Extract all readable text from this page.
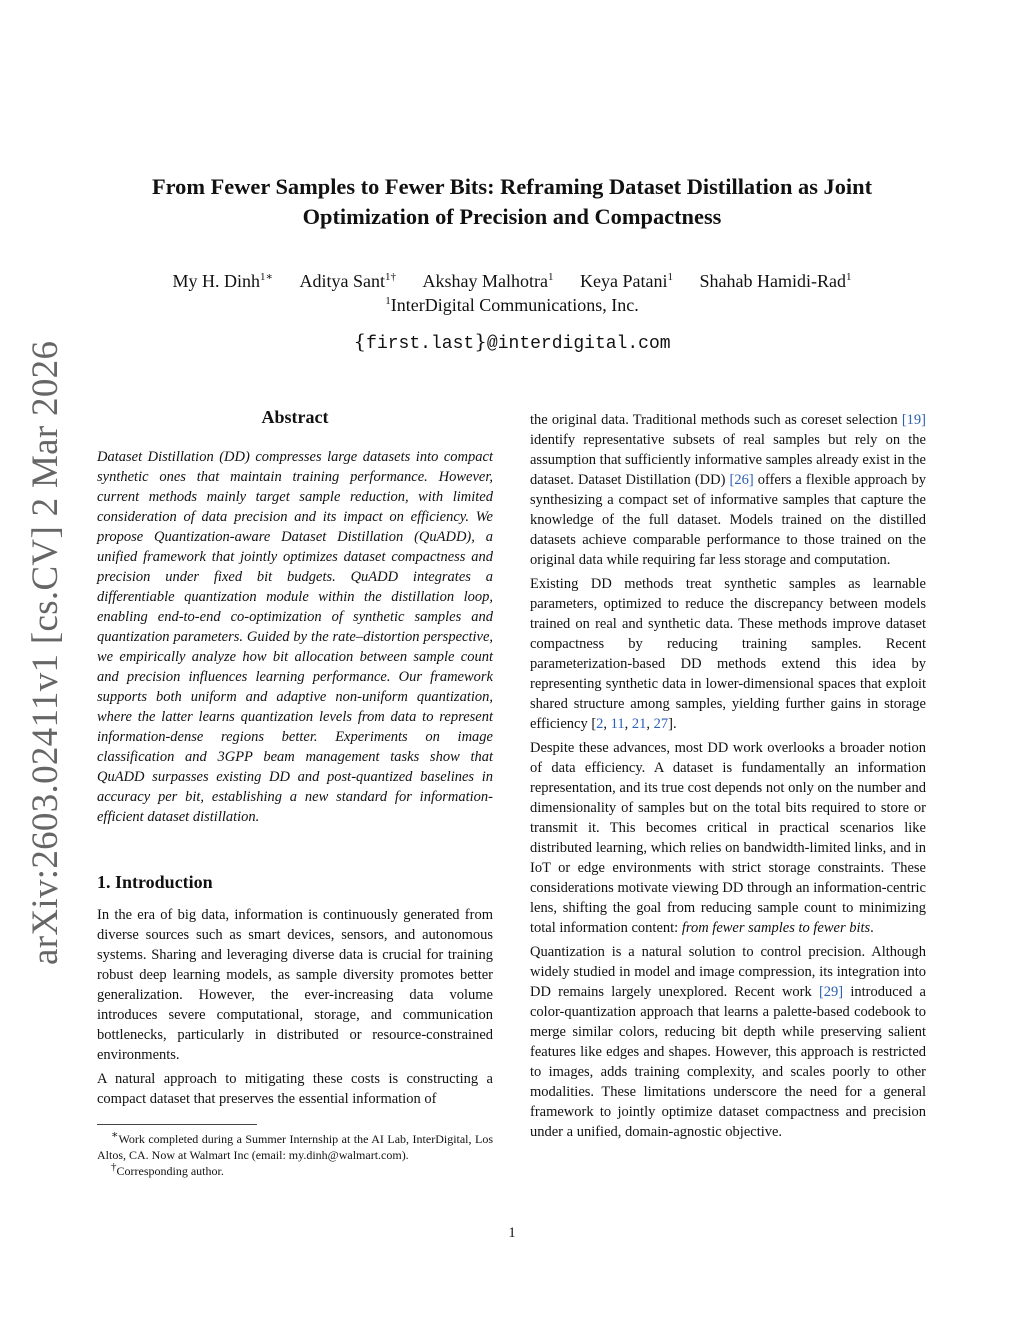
arXiv:2603.02411v1 [cs.CV] 2 Mar 2026
From Fewer Samples to Fewer Bits: Reframing Dataset Distillation as Joint
Optimization of Precision and Compactness
My H. Dinh$^{1∗}$ Aditya Sant$^{1\dagger}$ Akshay Malhotra$^1$ Keya Patani$^1$ Shahab Hamidi-Rad$^1$
$^1$InterDigital Communications, Inc.
{first.last}@interdigital.com
Abstract

Dataset Distillation (DD) compresses large datasets into compact synthetic ones that maintain training performance. However, current methods mainly target sample reduction, with limited consideration of data precision and its impact on efficiency. We propose Quantization-aware Dataset Distillation (QuADD), a unified framework that jointly optimizes dataset compactness and precision under fixed bit budgets. QuADD integrates a differentiable quantization module within the distillation loop, enabling end-to-end co-optimization of synthetic samples and quantization parameters. Guided by the rate–distortion perspective, we empirically analyze how bit allocation between sample count and precision influences learning performance. Our framework supports both uniform and adaptive non-uniform quantization, where the latter learns quantization levels from data to represent information-dense regions better. Experiments on image classification and 3GPP beam management tasks show that QuADD surpasses existing DD and post-quantized baselines in accuracy per bit, establishing a new standard for information-efficient dataset distillation.

1. Introduction

In the era of big data, information is continuously generated from diverse sources such as smart devices, sensors, and autonomous systems. Sharing and leveraging diverse data is crucial for training robust deep learning models, as sample diversity promotes better generalization. However, the ever-increasing data volume introduces severe computational, storage, and communication bottlenecks, particularly in distributed or resource-constrained environments.

A natural approach to mitigating these costs is constructing a compact dataset that preserves the essential information of

∗Work completed during a Summer Internship at the AI Lab, InterDigital, Los Altos, CA. Now at Walmart Inc (email: my.dinh@walmart.com).

†Corresponding author.

the original data. Traditional methods such as coreset selection [19] identify representative subsets of real samples but rely on the assumption that sufficiently informative samples already exist in the dataset. Dataset Distillation (DD) [26] offers a flexible approach by synthesizing a compact set of informative samples that capture the knowledge of the full dataset. Models trained on the distilled datasets achieve comparable performance to those trained on the original data while requiring far less storage and computation.

Existing DD methods treat synthetic samples as learnable parameters, optimized to reduce the discrepancy between models trained on real and synthetic data. These methods improve dataset compactness by reducing training samples. Recent parameterization-based DD methods extend this idea by representing synthetic data in lower-dimensional spaces that exploit shared structure among samples, yielding further gains in storage efficiency [2, 11, 21, 27].

Despite these advances, most DD work overlooks a broader notion of data efficiency. A dataset is fundamentally an information representation, and its true cost depends not only on the number and dimensionality of samples but on the total bits required to store or transmit it. This becomes critical in practical scenarios like distributed learning, which relies on bandwidth-limited links, and in IoT or edge environments with strict storage constraints. These considerations motivate viewing DD through an information-centric lens, shifting the goal from reducing sample count to minimizing total information content: from fewer samples to fewer bits.

Quantization is a natural solution to control precision. Although widely studied in model and image compression, its integration into DD remains largely unexplored. Recent work [29] introduced a color-quantization approach that learns a palette-based codebook to merge similar colors, reducing bit depth while preserving salient features like edges and shapes. However, this approach is restricted to images, adds training complexity, and scales poorly to other modalities. These limitations underscore the need for a general framework to jointly optimize dataset compactness and precision under a unified, domain-agnostic objective.

1
